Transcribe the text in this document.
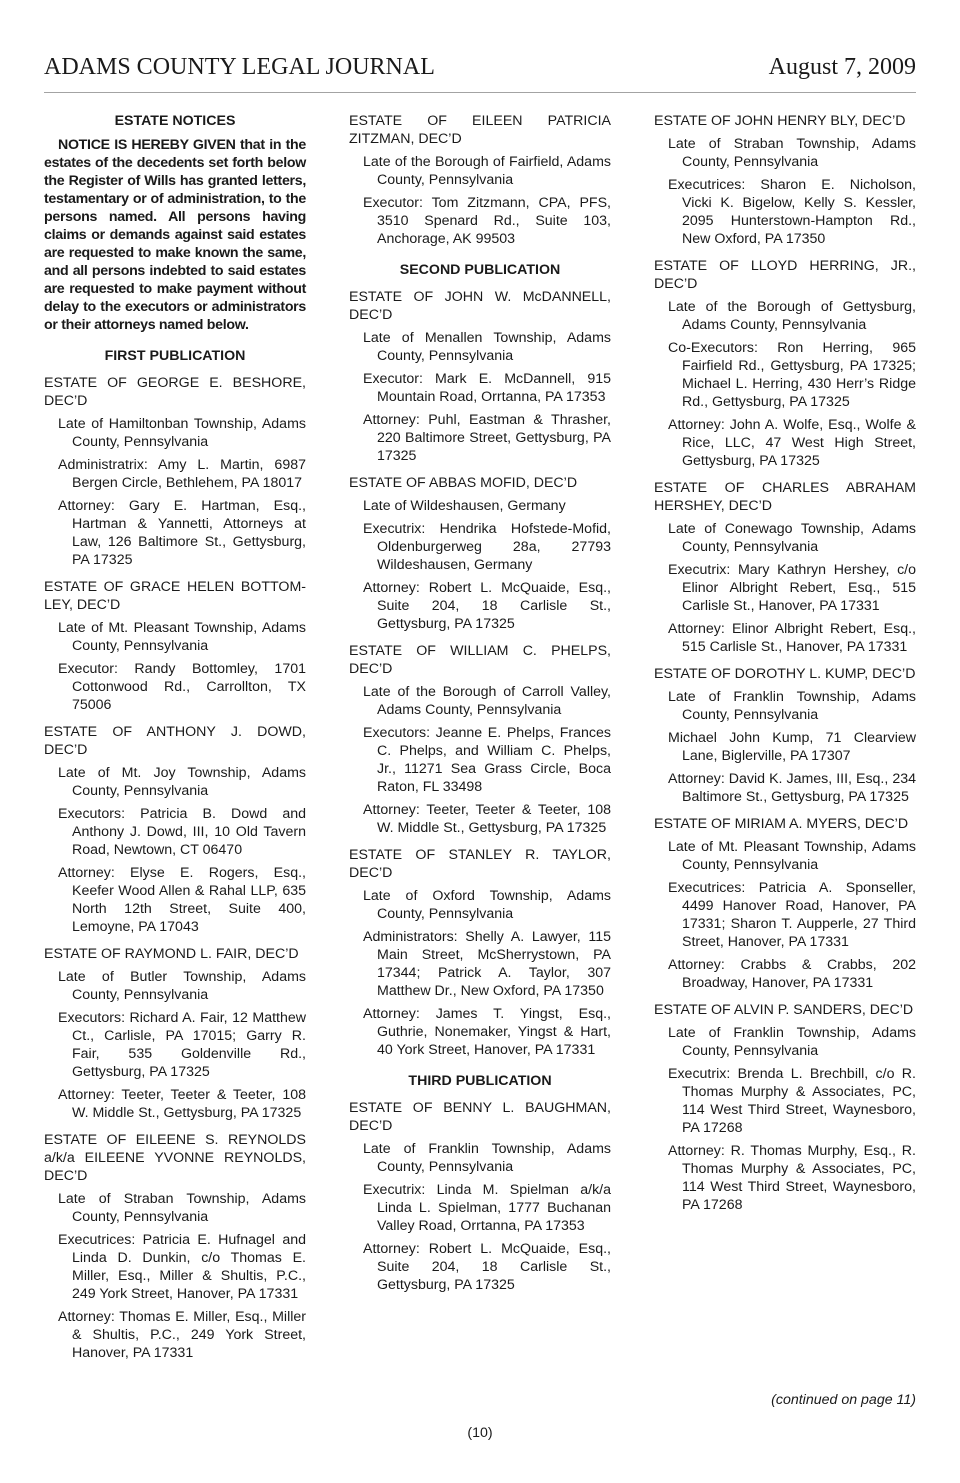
ADAMS COUNTY LEGAL JOURNAL	August 7, 2009
ESTATE NOTICES

NOTICE IS HEREBY GIVEN that in the estates of the decedents set forth below the Register of Wills has granted letters, testamentary or of administration, to the persons named. All persons having claims or demands against said estates are requested to make known the same, and all persons indebted to said estates are requested to make payment without delay to the executors or administrators or their attorneys named below.

FIRST PUBLICATION

ESTATE OF GEORGE E. BESHORE, DEC’D

Late of Hamiltonban Township, Adams County, Pennsylvania

Administratrix: Amy L. Martin, 6987 Bergen Circle, Bethlehem, PA 18017

Attorney: Gary E. Hartman, Esq., Hartman & Yannetti, Attorneys at Law, 126 Baltimore St., Gettysburg, PA 17325

ESTATE OF GRACE HELEN BOTTOM-LEY, DEC’D

Late of Mt. Pleasant Township, Adams County, Pennsylvania

Executor: Randy Bottomley, 1701 Cottonwood Rd., Carrollton, TX 75006

ESTATE OF ANTHONY J. DOWD, DEC’D

Late of Mt. Joy Township, Adams County, Pennsylvania

Executors: Patricia B. Dowd and Anthony J. Dowd, III, 10 Old Tavern Road, Newtown, CT 06470

Attorney: Elyse E. Rogers, Esq., Keefer Wood Allen & Rahal LLP, 635 North 12th Street, Suite 400, Lemoyne, PA 17043

ESTATE OF RAYMOND L. FAIR, DEC’D

Late of Butler Township, Adams County, Pennsylvania

Executors: Richard A. Fair, 12 Matthew Ct., Carlisle, PA 17015; Garry R. Fair, 535 Goldenville Rd., Gettysburg, PA 17325

Attorney: Teeter, Teeter & Teeter, 108 W. Middle St., Gettysburg, PA 17325

ESTATE OF EILEENE S. REYNOLDS a/k/a EILEENE YVONNE REYNOLDS, DEC’D

Late of Straban Township, Adams County, Pennsylvania

Executrices: Patricia E. Hufnagel and Linda D. Dunkin, c/o Thomas E. Miller, Esq., Miller & Shultis, P.C., 249 York Street, Hanover, PA 17331

Attorney: Thomas E. Miller, Esq., Miller & Shultis, P.C., 249 York Street, Hanover, PA 17331

ESTATE OF EILEEN PATRICIA ZITZMAN, DEC’D

Late of the Borough of Fairfield, Adams County, Pennsylvania

Executor: Tom Zitzmann, CPA, PFS, 3510 Spenard Rd., Suite 103, Anchorage, AK 99503

SECOND PUBLICATION

ESTATE OF JOHN W. McDANNELL, DEC’D

Late of Menallen Township, Adams County, Pennsylvania

Executor: Mark E. McDannell, 915 Mountain Road, Orrtanna, PA 17353

Attorney: Puhl, Eastman & Thrasher, 220 Baltimore Street, Gettysburg, PA 17325

ESTATE OF ABBAS MOFID, DEC’D

Late of Wildeshausen, Germany

Executrix: Hendrika Hofstede-Mofid, Oldenburgerweg 28a, 27793 Wildeshausen, Germany

Attorney: Robert L. McQuaide, Esq., Suite 204, 18 Carlisle St., Gettysburg, PA 17325

ESTATE OF WILLIAM C. PHELPS, DEC’D

Late of the Borough of Carroll Valley, Adams County, Pennsylvania

Executors: Jeanne E. Phelps, Frances C. Phelps, and William C. Phelps, Jr., 11271 Sea Grass Circle, Boca Raton, FL 33498

Attorney: Teeter, Teeter & Teeter, 108 W. Middle St., Gettysburg, PA 17325

ESTATE OF STANLEY R. TAYLOR, DEC’D

Late of Oxford Township, Adams County, Pennsylvania

Administrators: Shelly A. Lawyer, 115 Main Street, McSherrystown, PA 17344; Patrick A. Taylor, 307 Matthew Dr., New Oxford, PA 17350

Attorney: James T. Yingst, Esq., Guthrie, Nonemaker, Yingst & Hart, 40 York Street, Hanover, PA 17331

THIRD PUBLICATION

ESTATE OF BENNY L. BAUGHMAN, DEC’D

Late of Franklin Township, Adams County, Pennsylvania

Executrix: Linda M. Spielman a/k/a Linda L. Spielman, 1777 Buchanan Valley Road, Orrtanna, PA 17353

Attorney: Robert L. McQuaide, Esq., Suite 204, 18 Carlisle St., Gettysburg, PA 17325

ESTATE OF JOHN HENRY BLY, DEC’D

Late of Straban Township, Adams County, Pennsylvania

Executrices: Sharon E. Nicholson, Vicki K. Bigelow, Kelly S. Kessler, 2095 Hunterstown-Hampton Rd., New Oxford, PA 17350

ESTATE OF LLOYD HERRING, JR., DEC’D

Late of the Borough of Gettysburg, Adams County, Pennsylvania

Co-Executors: Ron Herring, 965 Fairfield Rd., Gettysburg, PA 17325; Michael L. Herring, 430 Herr’s Ridge Rd., Gettysburg, PA 17325

Attorney: John A. Wolfe, Esq., Wolfe & Rice, LLC, 47 West High Street, Gettysburg, PA 17325

ESTATE OF CHARLES ABRAHAM HERSHEY, DEC’D

Late of Conewago Township, Adams County, Pennsylvania

Executrix: Mary Kathryn Hershey, c/o Elinor Albright Rebert, Esq., 515 Carlisle St., Hanover, PA 17331

Attorney: Elinor Albright Rebert, Esq., 515 Carlisle St., Hanover, PA 17331

ESTATE OF DOROTHY L. KUMP, DEC’D

Late of Franklin Township, Adams County, Pennsylvania

Michael John Kump, 71 Clearview Lane, Biglerville, PA 17307

Attorney: David K. James, III, Esq., 234 Baltimore St., Gettysburg, PA 17325

ESTATE OF MIRIAM A. MYERS, DEC’D

Late of Mt. Pleasant Township, Adams County, Pennsylvania

Executrices: Patricia A. Sponseller, 4499 Hanover Road, Hanover, PA 17331; Sharon T. Aupperle, 27 Third Street, Hanover, PA 17331

Attorney: Crabbs & Crabbs, 202 Broadway, Hanover, PA 17331

ESTATE OF ALVIN P. SANDERS, DEC’D

Late of Franklin Township, Adams County, Pennsylvania

Executrix: Brenda L. Brechbill, c/o R. Thomas Murphy & Associates, PC, 114 West Third Street, Waynesboro, PA 17268

Attorney: R. Thomas Murphy, Esq., R. Thomas Murphy & Associates, PC, 114 West Third Street, Waynesboro, PA 17268

(continued on page 11)
(10)
